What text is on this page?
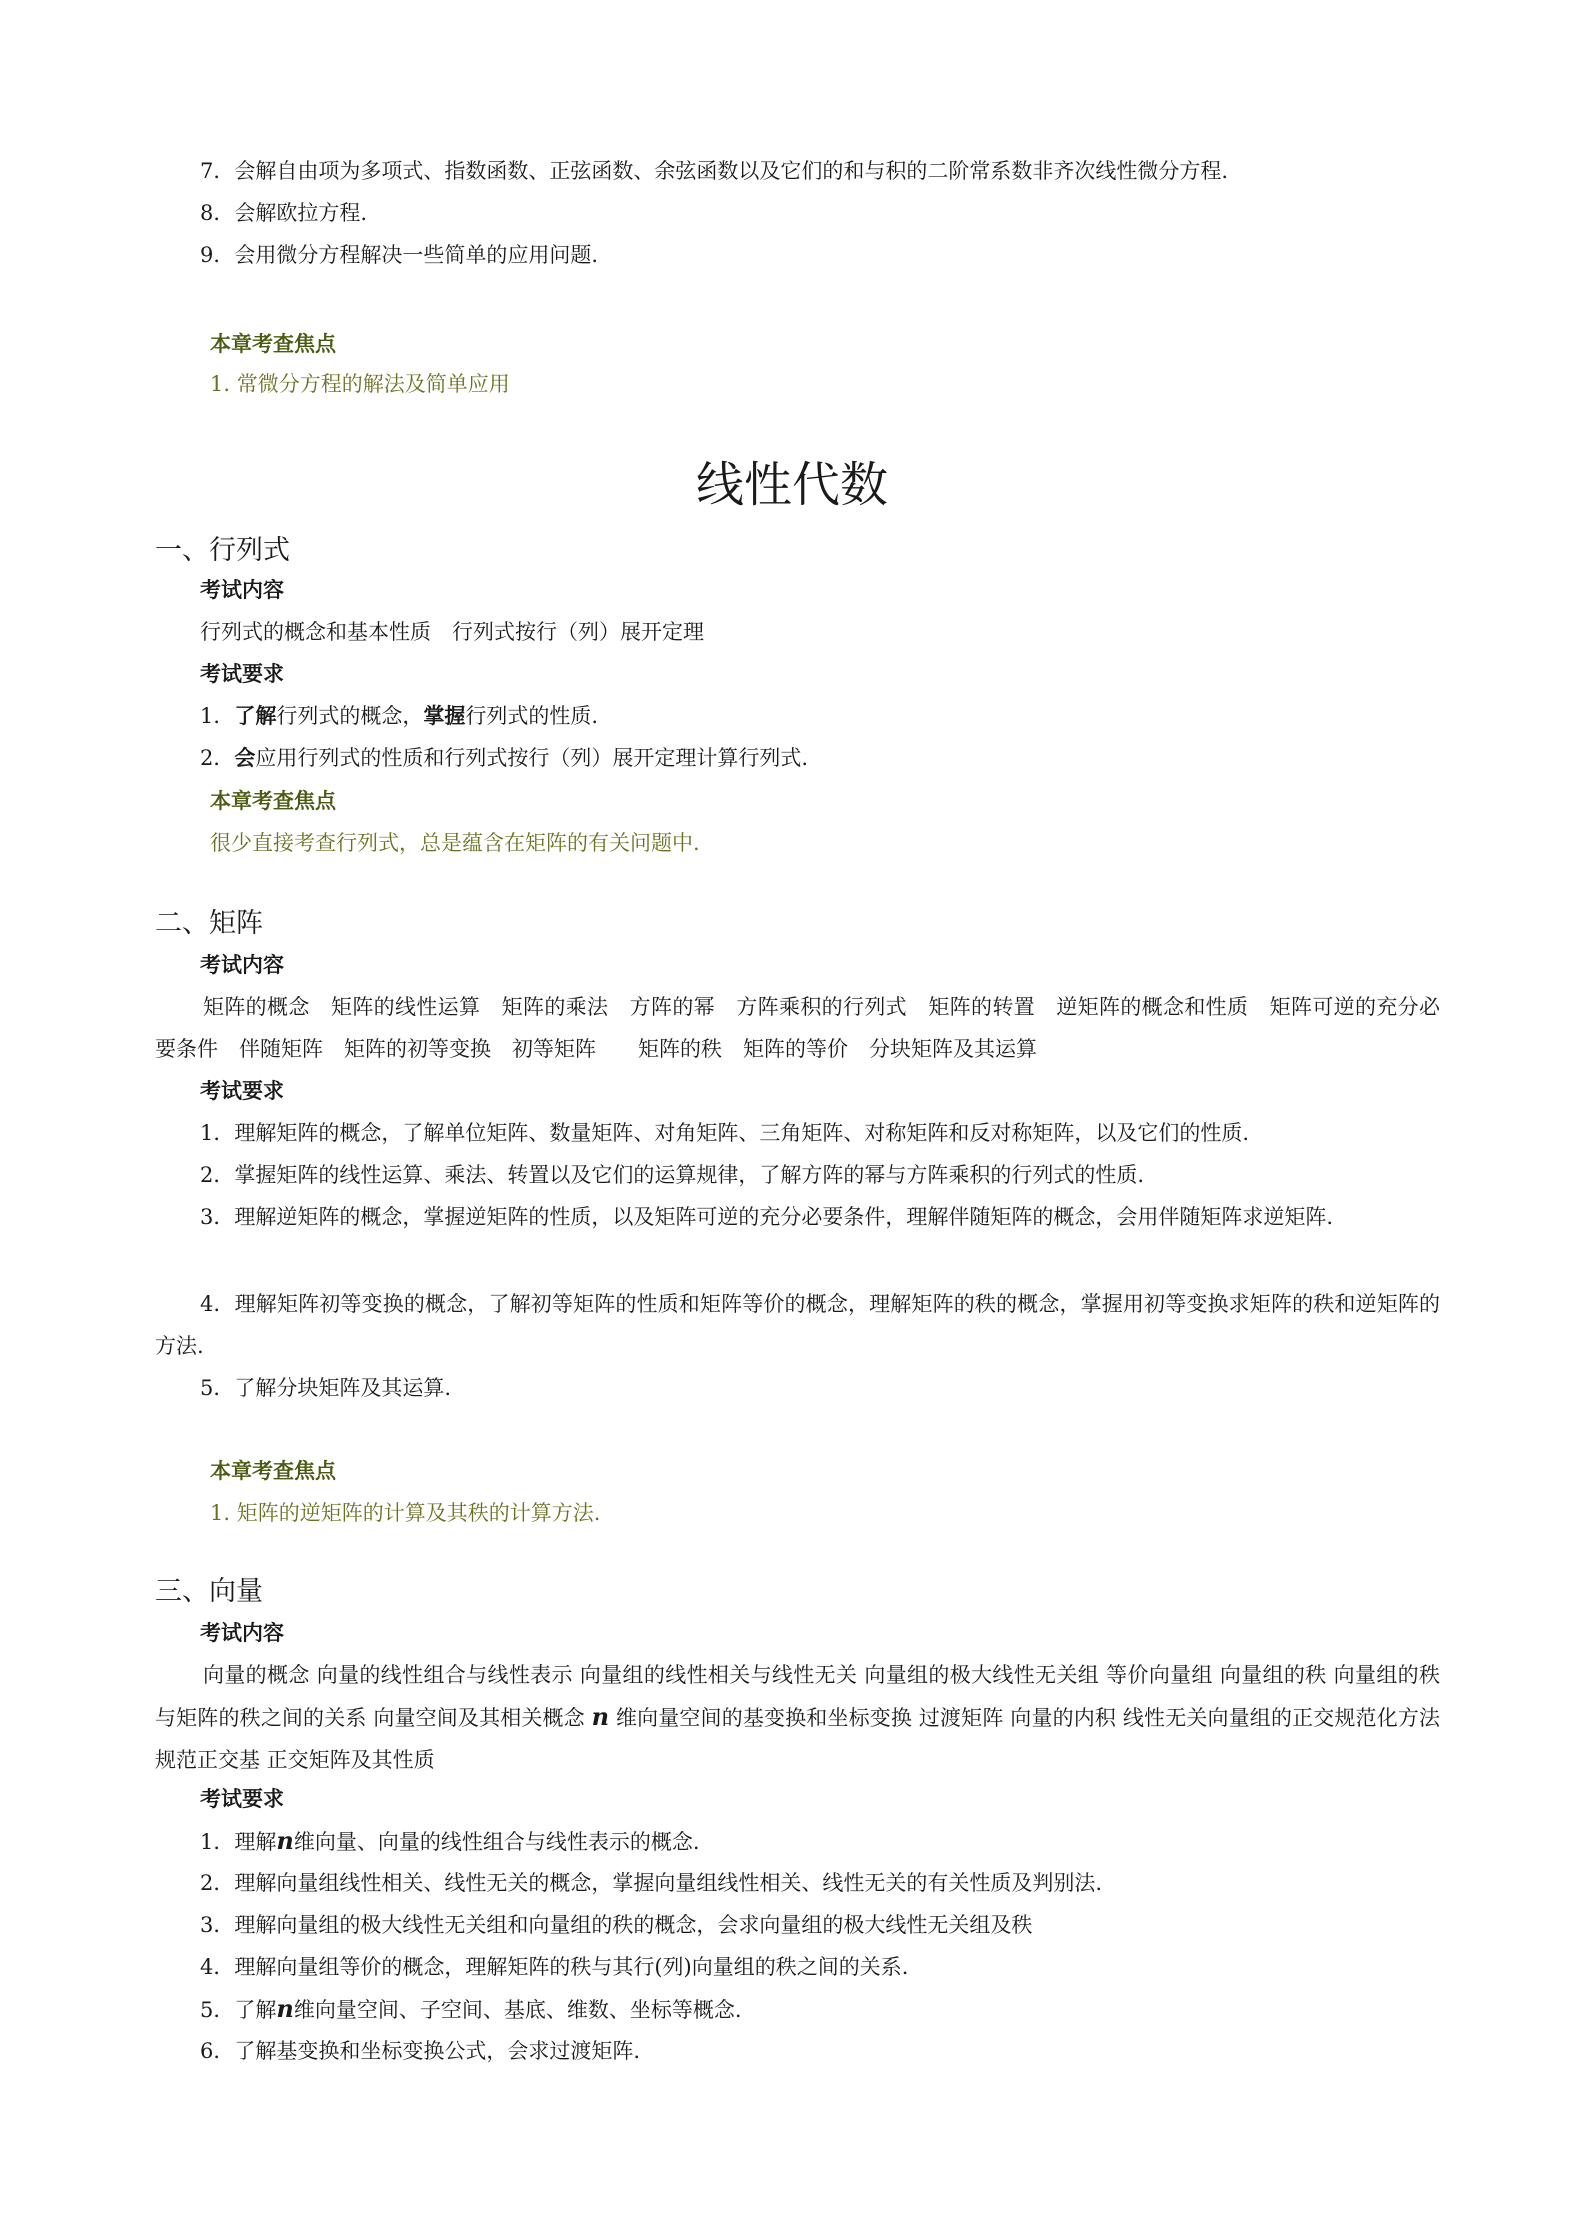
7．会解自由项为多项式、指数函数、正弦函数、余弦函数以及它们的和与积的二阶常系数非齐次线性微分方程.
8．会解欧拉方程.
9．会用微分方程解决一些简单的应用问题.
本章考查焦点
1. 常微分方程的解法及简单应用
线性代数
一、行列式
考试内容
行列式的概念和基本性质　行列式按行（列）展开定理
考试要求
1．了解行列式的概念，掌握行列式的性质.
2．会应用行列式的性质和行列式按行（列）展开定理计算行列式.
本章考查焦点
很少直接考查行列式，总是蕴含在矩阵的有关问题中.
二、矩阵
考试内容
矩阵的概念　矩阵的线性运算　矩阵的乘法　方阵的幂　方阵乘积的行列式　矩阵的转置　逆矩阵的概念和性质　矩阵可逆的充分必要条件　伴随矩阵　矩阵的初等变换　初等矩阵　　矩阵的秩　矩阵的等价　分块矩阵及其运算
考试要求
1．理解矩阵的概念，了解单位矩阵、数量矩阵、对角矩阵、三角矩阵、对称矩阵和反对称矩阵，以及它们的性质.
2．掌握矩阵的线性运算、乘法、转置以及它们的运算规律，了解方阵的幂与方阵乘积的行列式的性质.
3．理解逆矩阵的概念，掌握逆矩阵的性质，以及矩阵可逆的充分必要条件，理解伴随矩阵的概念，会用伴随矩阵求逆矩阵.
4．理解矩阵初等变换的概念，了解初等矩阵的性质和矩阵等价的概念，理解矩阵的秩的概念，掌握用初等变换求矩阵的秩和逆矩阵的方法.
5．了解分块矩阵及其运算.
本章考查焦点
1. 矩阵的逆矩阵的计算及其秩的计算方法.
三、向量
考试内容
向量的概念 向量的线性组合与线性表示 向量组的线性相关与线性无关 向量组的极大线性无关组 等价向量组 向量组的秩 向量组的秩与矩阵的秩之间的关系 向量空间及其相关概念 n 维向量空间的基变换和坐标变换 过渡矩阵 向量的内积 线性无关向量组的正交规范化方法 规范正交基 正交矩阵及其性质
考试要求
1．理解n维向量、向量的线性组合与线性表示的概念.
2．理解向量组线性相关、线性无关的概念，掌握向量组线性相关、线性无关的有关性质及判别法.
3．理解向量组的极大线性无关组和向量组的秩的概念，会求向量组的极大线性无关组及秩
4．理解向量组等价的概念，理解矩阵的秩与其行(列)向量组的秩之间的关系.
5．了解n维向量空间、子空间、基底、维数、坐标等概念.
6．了解基变换和坐标变换公式，会求过渡矩阵.
